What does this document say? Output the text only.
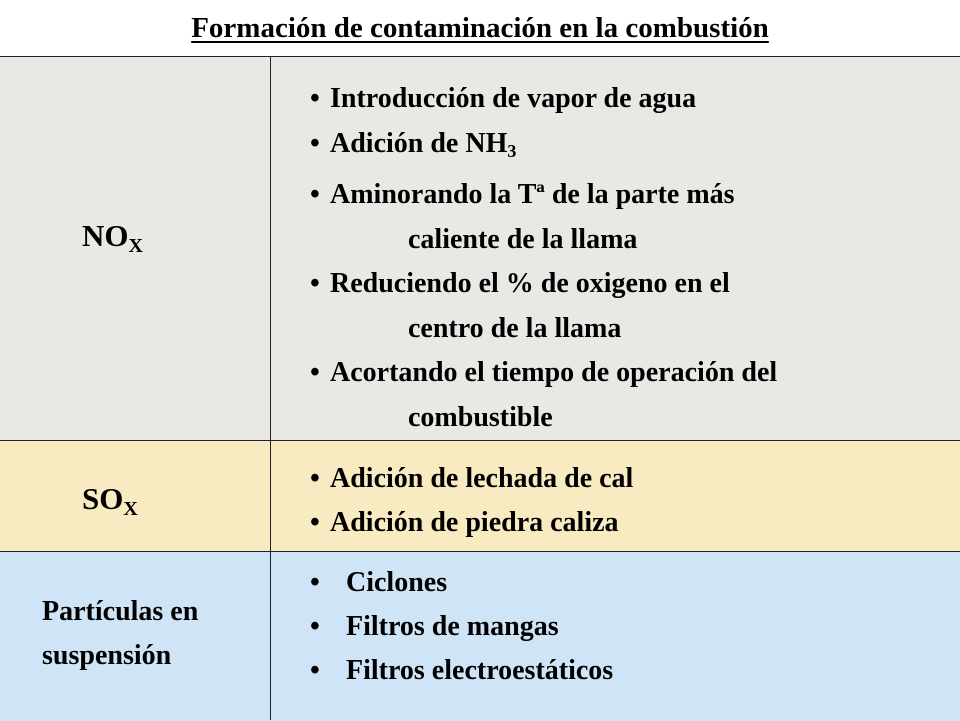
Formación de contaminación en la combustión
$NO_X$
• Introducción de vapor de agua
• Adición de $NH_3$
• Aminorando la Tª de la parte más
caliente de la llama
• Reduciendo el % de oxigeno en el
centro de la llama
• Acortando el tiempo de operación del
combustible
$SO_X$
• Adición de lechada de cal
• Adición de piedra caliza
Partículas en
suspensión
• Ciclones
• Filtros de mangas
• Filtros electroestáticos
